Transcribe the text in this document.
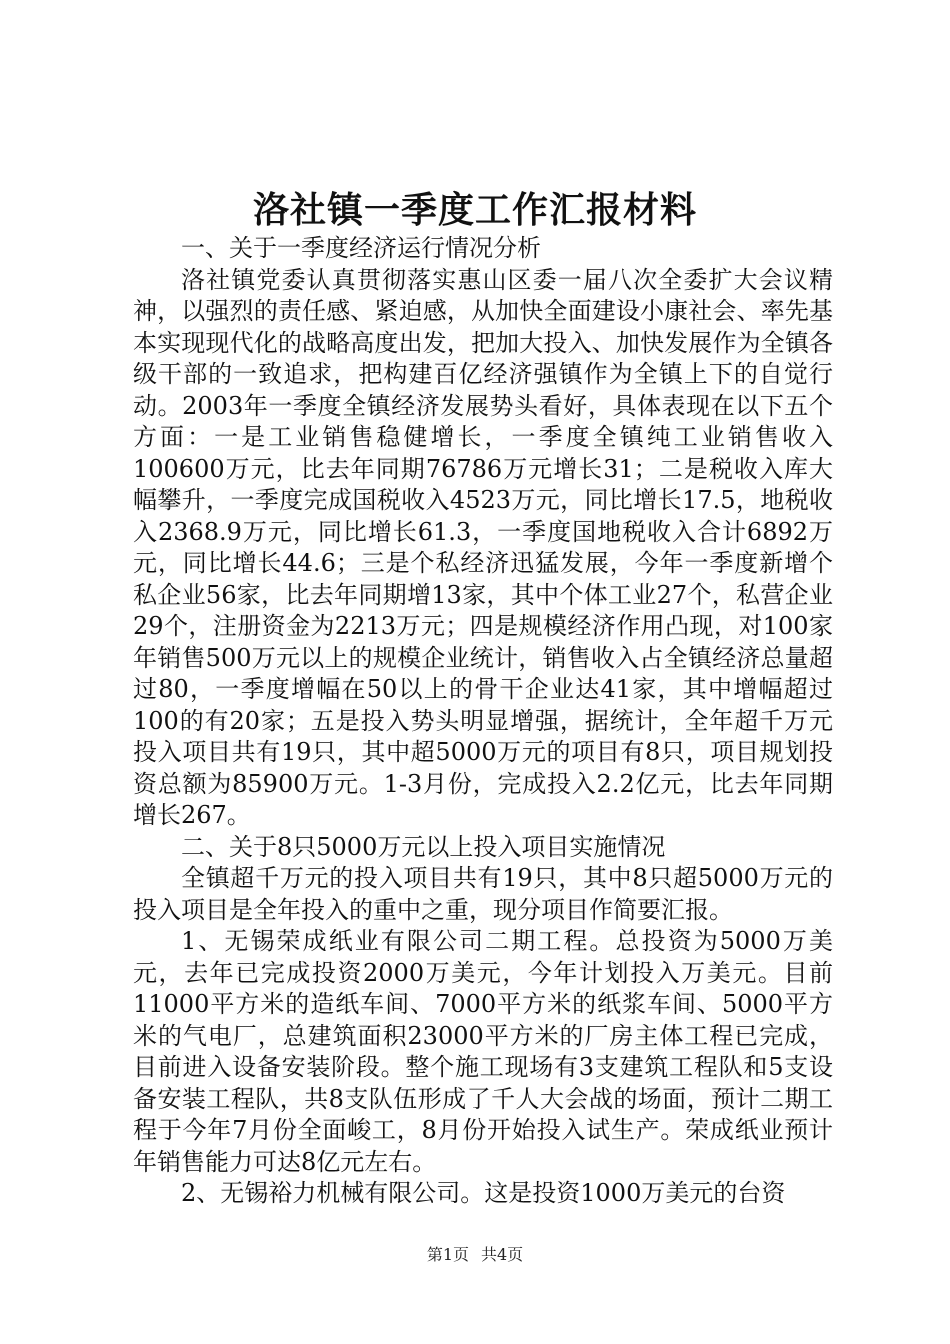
洛社镇一季度工作汇报材料

一、关于一季度经济运行情况分析

洛社镇党委认真贯彻落实惠山区委一届八次全委扩大会议精神，以强烈的责任感、紧迫感，从加快全面建设小康社会、率先基本实现现代化的战略高度出发，把加大投入、加快发展作为全镇各级干部的一致追求，把构建百亿经济强镇作为全镇上下的自觉行动。2003年一季度全镇经济发展势头看好，具体表现在以下五个方面：一是工业销售稳健增长，一季度全镇纯工业销售收入100600万元，比去年同期76786万元增长31；二是税收入库大幅攀升，一季度完成国税收入4523万元，同比增长17.5，地税收入2368.9万元，同比增长61.3，一季度国地税收入合计6892万元，同比增长44.6；三是个私经济迅猛发展，今年一季度新增个私企业56家，比去年同期增13家，其中个体工业27个，私营企业29个，注册资金为2213万元；四是规模经济作用凸现，对100家年销售500万元以上的规模企业统计，销售收入占全镇经济总量超过80，一季度增幅在50以上的骨干企业达41家，其中增幅超过100的有20家；五是投入势头明显增强，据统计，全年超千万元投入项目共有19只，其中超5000万元的项目有8只，项目规划投资总额为85900万元。1-3月份，完成投入2.2亿元，比去年同期增长267。

二、关于8只5000万元以上投入项目实施情况

全镇超千万元的投入项目共有19只，其中8只超5000万元的投入项目是全年投入的重中之重，现分项目作简要汇报。

1、无锡荣成纸业有限公司二期工程。总投资为5000万美元，去年已完成投资2000万美元，今年计划投入万美元。目前11000平方米的造纸车间、7000平方米的纸浆车间、5000平方米的气电厂，总建筑面积23000平方米的厂房主体工程已完成，目前进入设备安装阶段。整个施工现场有3支建筑工程队和5支设备安装工程队，共8支队伍形成了千人大会战的场面，预计二期工程于今年7月份全面峻工，8月份开始投入试生产。荣成纸业预计年销售能力可达8亿元左右。

2、无锡裕力机械有限公司。这是投资1000万美元的台资

第1页 共4页
